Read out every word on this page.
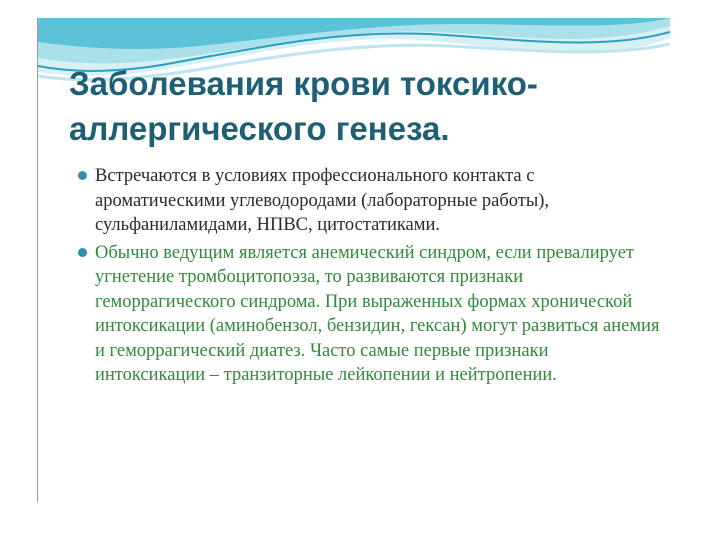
Заболевания крови токсико-аллергического генеза.
Встречаются в условиях профессионального контакта с ароматическими углеводородами (лабораторные работы), сульфаниламидами, НПВС, цитостатиками.
Обычно ведущим является анемический синдром, если превалирует угнетение тромбоцитопоэза, то развиваются признаки геморрагического синдрома. При выраженных формах хронической интоксикации (аминобензол, бензидин, гексан) могут развиться анемия и геморрагический диатез. Часто самые первые признаки интоксикации – транзиторные лейкопении и нейтропении.
